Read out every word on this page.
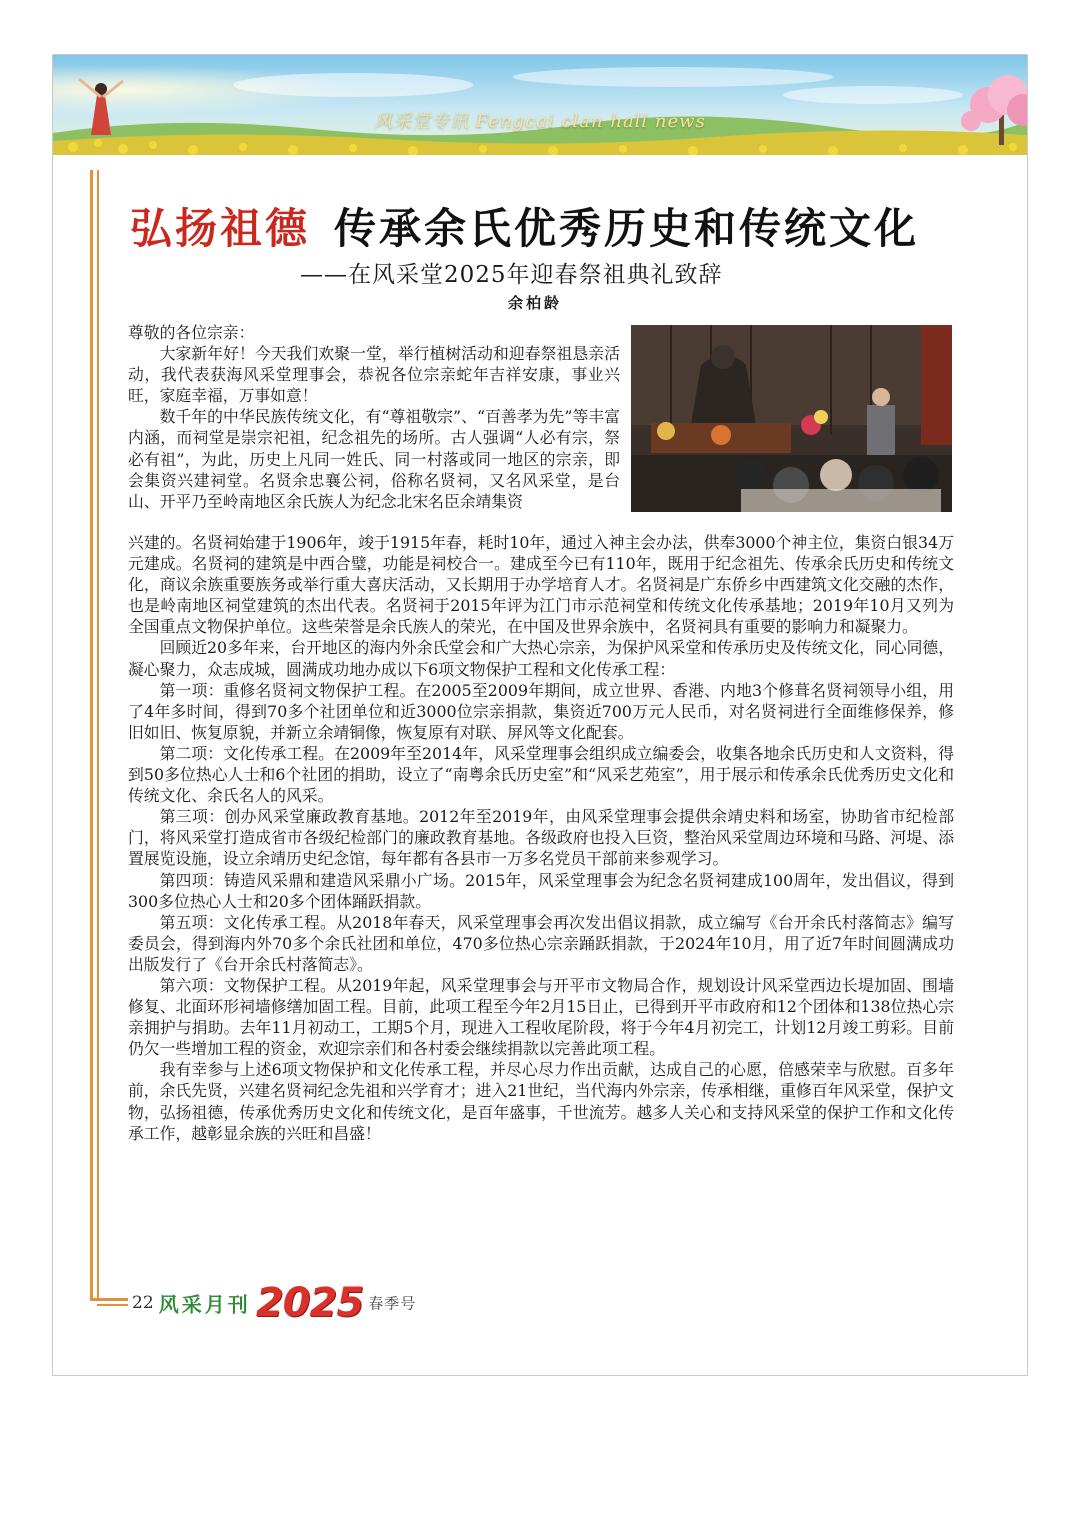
风采堂专讯 Fengcai clan hall news
弘扬祖德 传承余氏优秀历史和传统文化
——在风采堂2025年迎春祭祖典礼致辞
余柏龄

尊敬的各位宗亲：

大家新年好！今天我们欢聚一堂，举行植树活动和迎春祭祖恳亲活动，我代表获海风采堂理事会，恭祝各位宗亲蛇年吉祥安康，事业兴旺，家庭幸福，万事如意！

数千年的中华民族传统文化，有“尊祖敬宗”、“百善孝为先”等丰富内涵，而祠堂是崇宗祀祖，纪念祖先的场所。古人强调“人必有宗，祭必有祖”，为此，历史上凡同一姓氏、同一村落或同一地区的宗亲，即会集资兴建祠堂。名贤余忠襄公祠，俗称名贤祠，又名风采堂，是台山、开平乃至岭南地区余氏族人为纪念北宋名臣余靖集资

兴建的。名贤祠始建于1906年，竣于1915年春，耗时10年，通过入神主会办法，供奉3000个神主位，集资白银34万元建成。名贤祠的建筑是中西合璧，功能是祠校合一。建成至今已有110年，既用于纪念祖先、传承余氏历史和传统文化，商议余族重要族务或举行重大喜庆活动，又长期用于办学培育人才。名贤祠是广东侨乡中西建筑文化交融的杰作，也是岭南地区祠堂建筑的杰出代表。名贤祠于2015年评为江门市示范祠堂和传统文化传承基地；2019年10月又列为全国重点文物保护单位。这些荣誉是余氏族人的荣光，在中国及世界余族中，名贤祠具有重要的影响力和凝聚力。

回顾近20多年来，台开地区的海内外余氏堂会和广大热心宗亲，为保护风采堂和传承历史及传统文化，同心同德，凝心聚力，众志成城，圆满成功地办成以下6项文物保护工程和文化传承工程：

第一项：重修名贤祠文物保护工程。在2005至2009年期间，成立世界、香港、内地3个修葺名贤祠领导小组，用了4年多时间，得到70多个社团单位和近3000位宗亲捐款，集资近700万元人民币，对名贤祠进行全面维修保养，修旧如旧、恢复原貌，并新立余靖铜像，恢复原有对联、屏风等文化配套。

第二项：文化传承工程。在2009年至2014年，风采堂理事会组织成立编委会，收集各地余氏历史和人文资料，得到50多位热心人士和6个社团的捐助，设立了“南粤余氏历史室”和“风采艺苑室”，用于展示和传承余氏优秀历史文化和传统文化、余氏名人的风采。

第三项：创办风采堂廉政教育基地。2012年至2019年，由风采堂理事会提供余靖史料和场室，协助省市纪检部门，将风采堂打造成省市各级纪检部门的廉政教育基地。各级政府也投入巨资，整治风采堂周边环境和马路、河堤、添置展览设施，设立余靖历史纪念馆，每年都有各县市一万多名党员干部前来参观学习。

第四项：铸造风采鼎和建造风采鼎小广场。2015年，风采堂理事会为纪念名贤祠建成100周年，发出倡议，得到300多位热心人士和20多个团体踊跃捐款。

第五项：文化传承工程。从2018年春天，风采堂理事会再次发出倡议捐款，成立编写《台开余氏村落简志》编写委员会，得到海内外70多个余氏社团和单位，470多位热心宗亲踊跃捐款，于2024年10月，用了近7年时间圆满成功出版发行了《台开余氏村落简志》。

第六项：文物保护工程。从2019年起，风采堂理事会与开平市文物局合作，规划设计风采堂西边长堤加固、围墙修复、北面环形祠墙修缮加固工程。目前，此项工程至今年2月15日止，已得到开平市政府和12个团体和138位热心宗亲拥护与捐助。去年11月初动工，工期5个月，现进入工程收尾阶段，将于今年4月初完工，计划12月竣工剪彩。目前仍欠一些增加工程的资金，欢迎宗亲们和各村委会继续捐款以完善此项工程。

我有幸参与上述6项文物保护和文化传承工程，并尽心尽力作出贡献，达成自己的心愿，倍感荣幸与欣慰。百多年前，余氏先贤，兴建名贤祠纪念先祖和兴学育才；进入21世纪，当代海内外宗亲，传承相继，重修百年风采堂，保护文物，弘扬祖德，传承优秀历史文化和传统文化，是百年盛事，千世流芳。越多人关心和支持风采堂的保护工作和文化传承工作，越彰显余族的兴旺和昌盛！

22 风采月刊 2025 春季号
